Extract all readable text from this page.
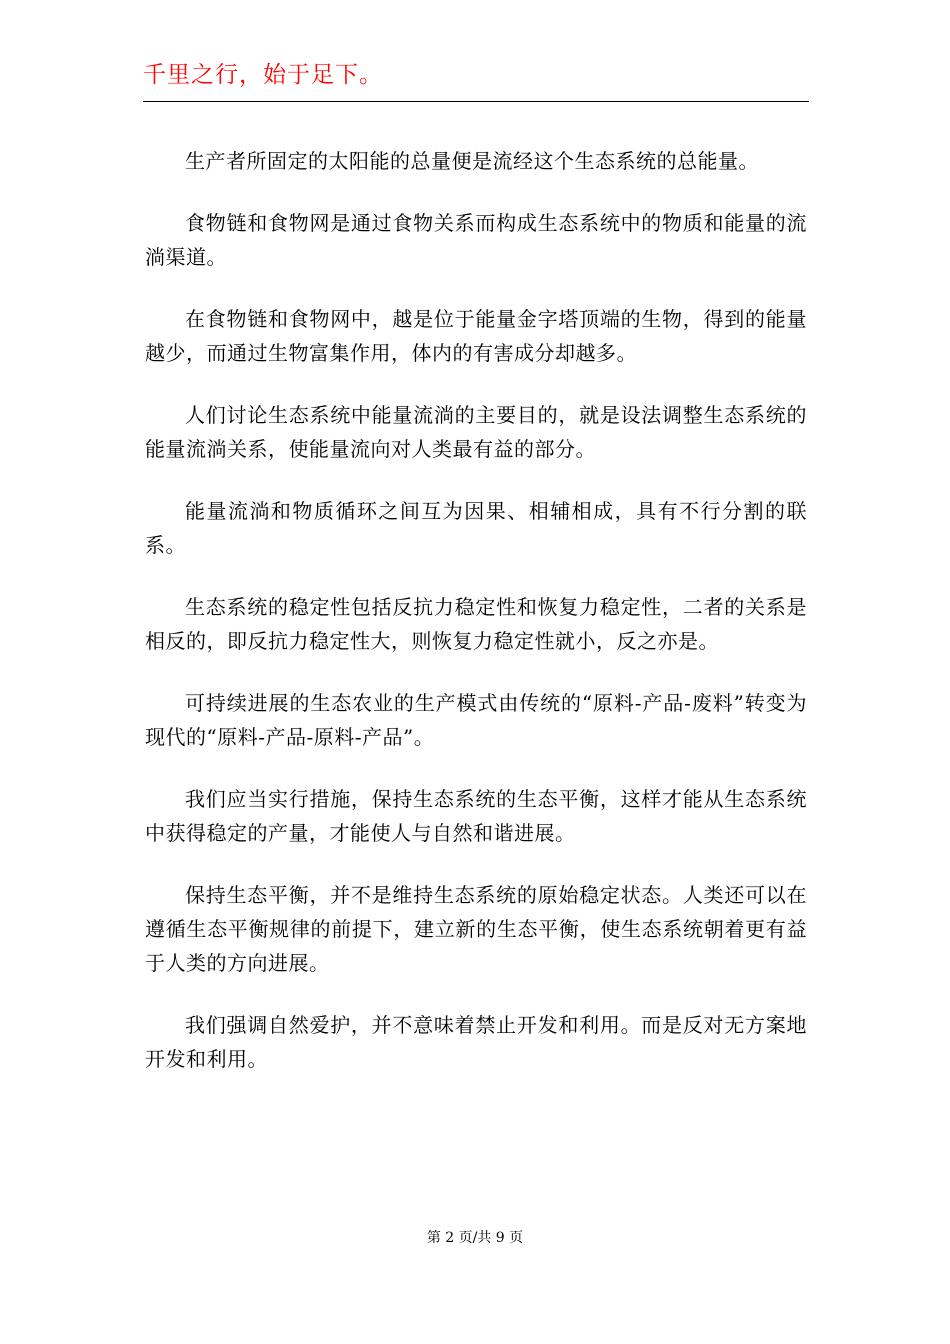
千里之行，始于足下。

生产者所固定的太阳能的总量便是流经这个生态系统的总能量。

食物链和食物网是通过食物关系而构成生态系统中的物质和能量的流淌渠道。

在食物链和食物网中，越是位于能量金字塔顶端的生物，得到的能量越少，而通过生物富集作用，体内的有害成分却越多。

人们讨论生态系统中能量流淌的主要目的，就是设法调整生态系统的能量流淌关系，使能量流向对人类最有益的部分。

能量流淌和物质循环之间互为因果、相辅相成，具有不行分割的联系。

生态系统的稳定性包括反抗力稳定性和恢复力稳定性，二者的关系是相反的，即反抗力稳定性大，则恢复力稳定性就小，反之亦是。

可持续进展的生态农业的生产模式由传统的“原料-产品-废料”转变为现代的“原料-产品-原料-产品”。

我们应当实行措施，保持生态系统的生态平衡，这样才能从生态系统中获得稳定的产量，才能使人与自然和谐进展。

保持生态平衡，并不是维持生态系统的原始稳定状态。人类还可以在遵循生态平衡规律的前提下，建立新的生态平衡，使生态系统朝着更有益于人类的方向进展。

我们强调自然爱护，并不意味着禁止开发和利用。而是反对无方案地开发和利用。

第 2 页/共 9 页
